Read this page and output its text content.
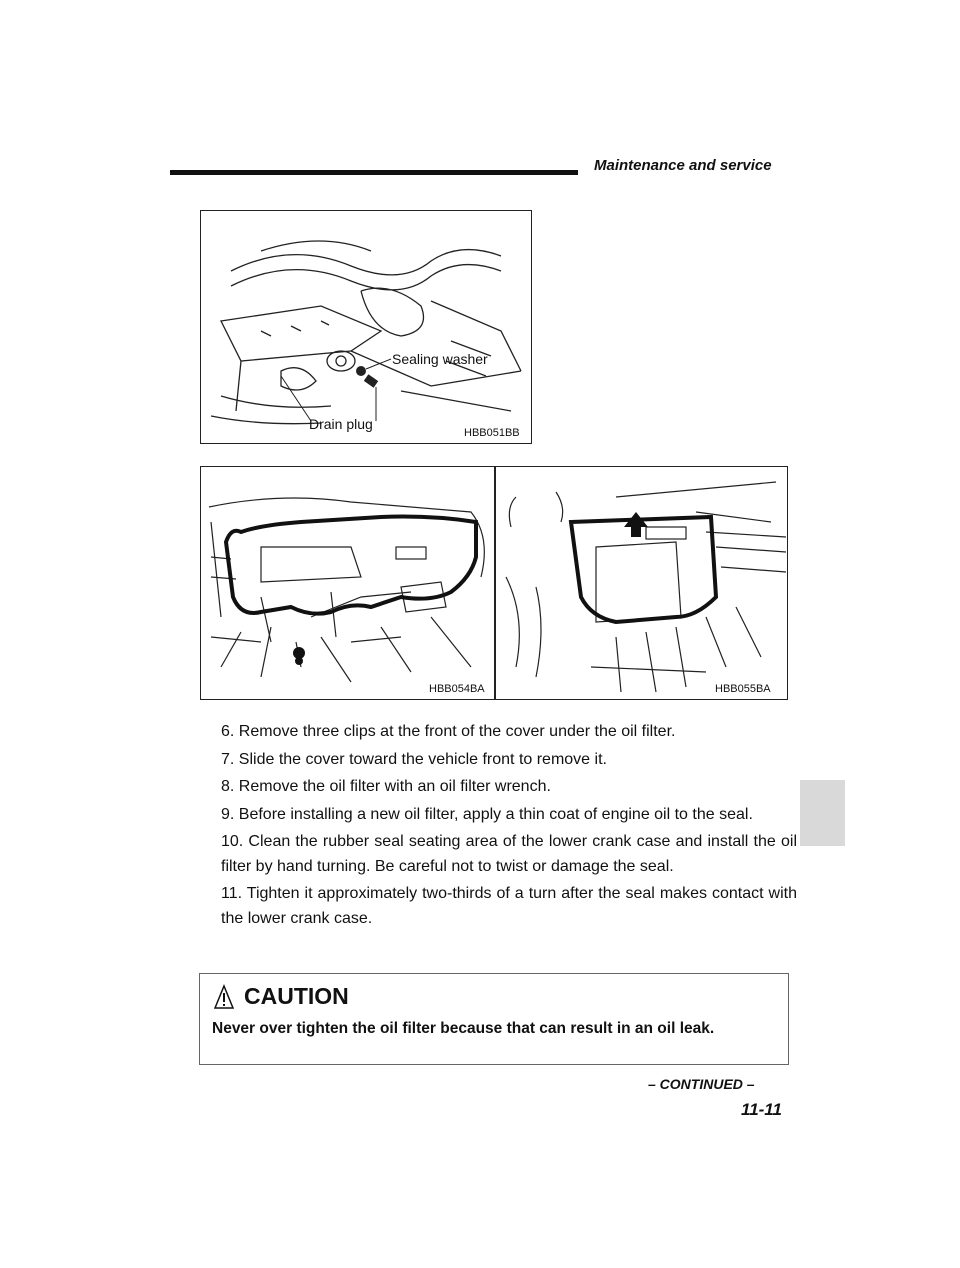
Maintenance and service
Sealing washer
Drain plug
HBB051BB
HBB054BA	HBB055BA

6. Remove three clips at the front of the cover under the oil filter.

7. Slide the cover toward the vehicle front to remove it.

8. Remove the oil filter with an oil filter wrench.

9. Before installing a new oil filter, apply a thin coat of engine oil to the seal.

10. Clean the rubber seal seating area of the lower crank case and install the oil filter by hand turning. Be careful not to twist or damage the seal.

11. Tighten it approximately two-thirds of a turn after the seal makes contact with the lower crank case.

CAUTION
Never over tighten the oil filter because that can result in an oil leak.
– CONTINUED –
11-11
